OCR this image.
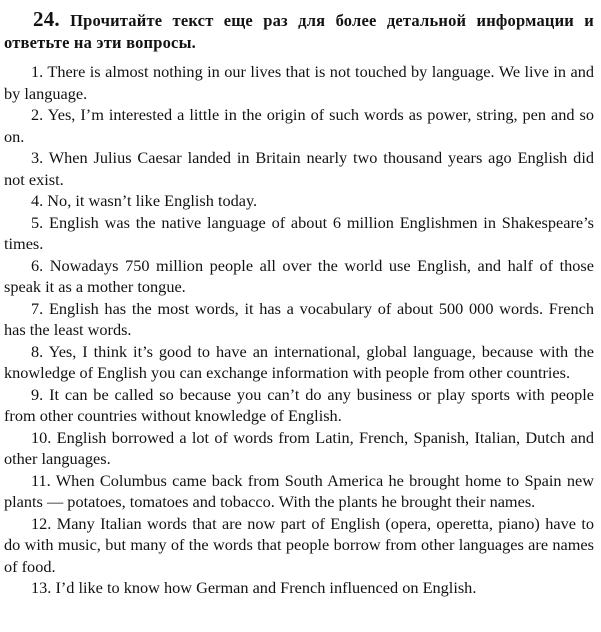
24. Прочитайте текст еще раз для более детальной информации и ответьте на эти вопросы.

1. There is almost nothing in our lives that is not touched by language. We live in and by language.

2. Yes, I’m interested a little in the origin of such words as power, string, pen and so on.

3. When Julius Caesar landed in Britain nearly two thousand years ago English did not exist.

4. No, it wasn’t like English today.

5. English was the native language of about 6 million Englishmen in Shakespeare’s times.

6. Nowadays 750 million people all over the world use English, and half of those speak it as a mother tongue.

7. English has the most words, it has a vocabulary of about 500 000 words. French has the least words.

8. Yes, I think it’s good to have an international, global language, because with the knowledge of English you can exchange information with people from other countries.

9. It can be called so because you can’t do any business or play sports with people from other countries without knowledge of English.

10. English borrowed a lot of words from Latin, French, Spanish, Italian, Dutch and other languages.

11. When Columbus came back from South America he brought home to Spain new plants — potatoes, tomatoes and tobacco. With the plants he brought their names.

12. Many Italian words that are now part of English (opera, operetta, piano) have to do with music, but many of the words that people borrow from other languages are names of food.

13. I’d like to know how German and French influenced on English.
